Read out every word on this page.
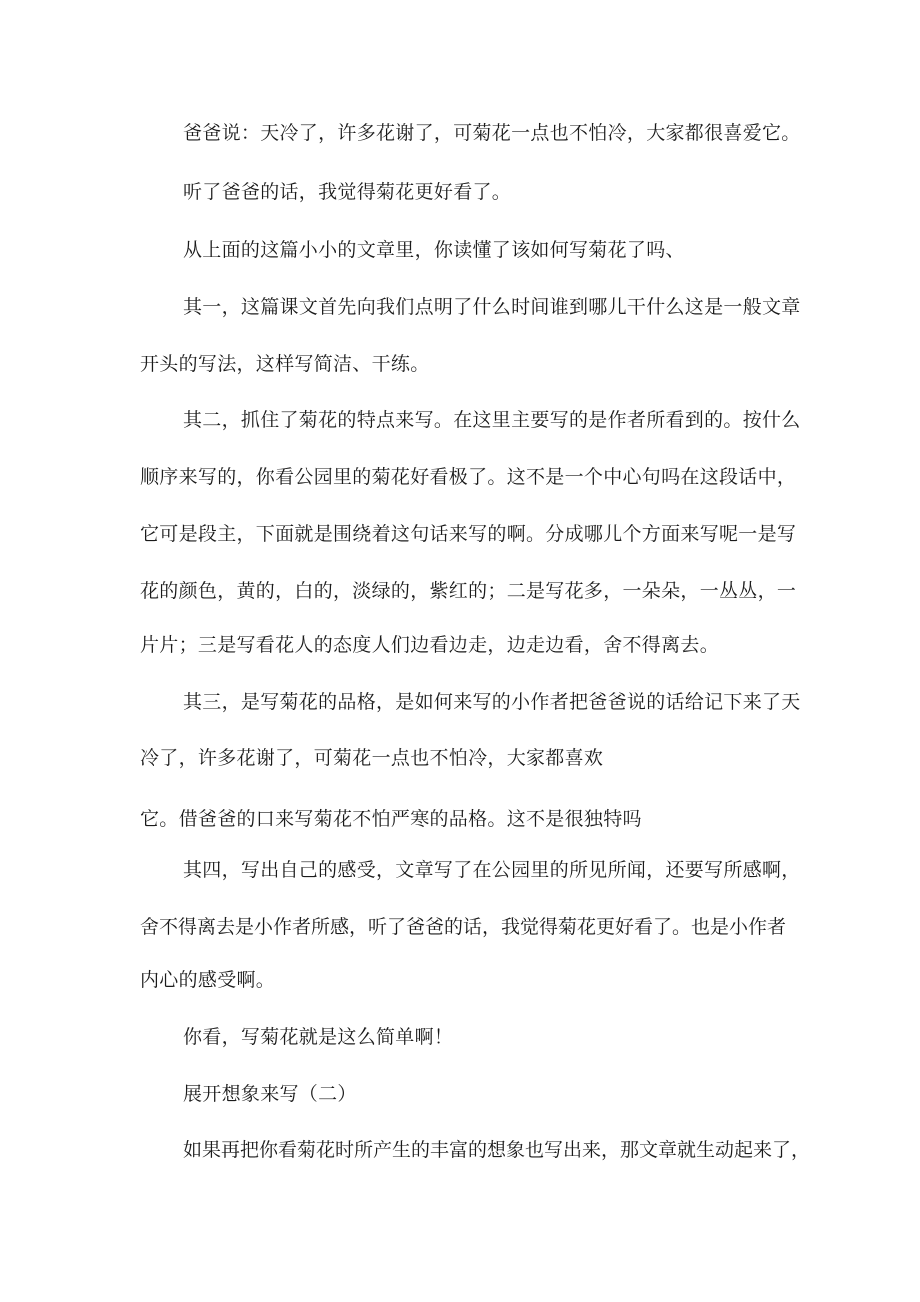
爸爸说：天冷了，许多花谢了，可菊花一点也不怕冷，大家都很喜爱它。
听了爸爸的话，我觉得菊花更好看了。
从上面的这篇小小的文章里，你读懂了该如何写菊花了吗、
其一，这篇课文首先向我们点明了什么时间谁到哪儿干什么这是一般文章
开头的写法，这样写简洁、干练。
其二，抓住了菊花的特点来写。在这里主要写的是作者所看到的。按什么
顺序来写的，你看公园里的菊花好看极了。这不是一个中心句吗在这段话中，
它可是段主，下面就是围绕着这句话来写的啊。分成哪儿个方面来写呢一是写
花的颜色，黄的，白的，淡绿的，紫红的；二是写花多，一朵朵，一丛丛，一
片片；三是写看花人的态度人们边看边走，边走边看，舍不得离去。
其三，是写菊花的品格，是如何来写的小作者把爸爸说的话给记下来了天
冷了，许多花谢了，可菊花一点也不怕冷，大家都喜欢
它。借爸爸的口来写菊花不怕严寒的品格。这不是很独特吗
其四，写出自己的感受，文章写了在公园里的所见所闻，还要写所感啊，
舍不得离去是小作者所感，听了爸爸的话，我觉得菊花更好看了。也是小作者
内心的感受啊。
你看，写菊花就是这么简单啊！
展开想象来写（二）
如果再把你看菊花时所产生的丰富的想象也写出来，那文章就生动起来了，
